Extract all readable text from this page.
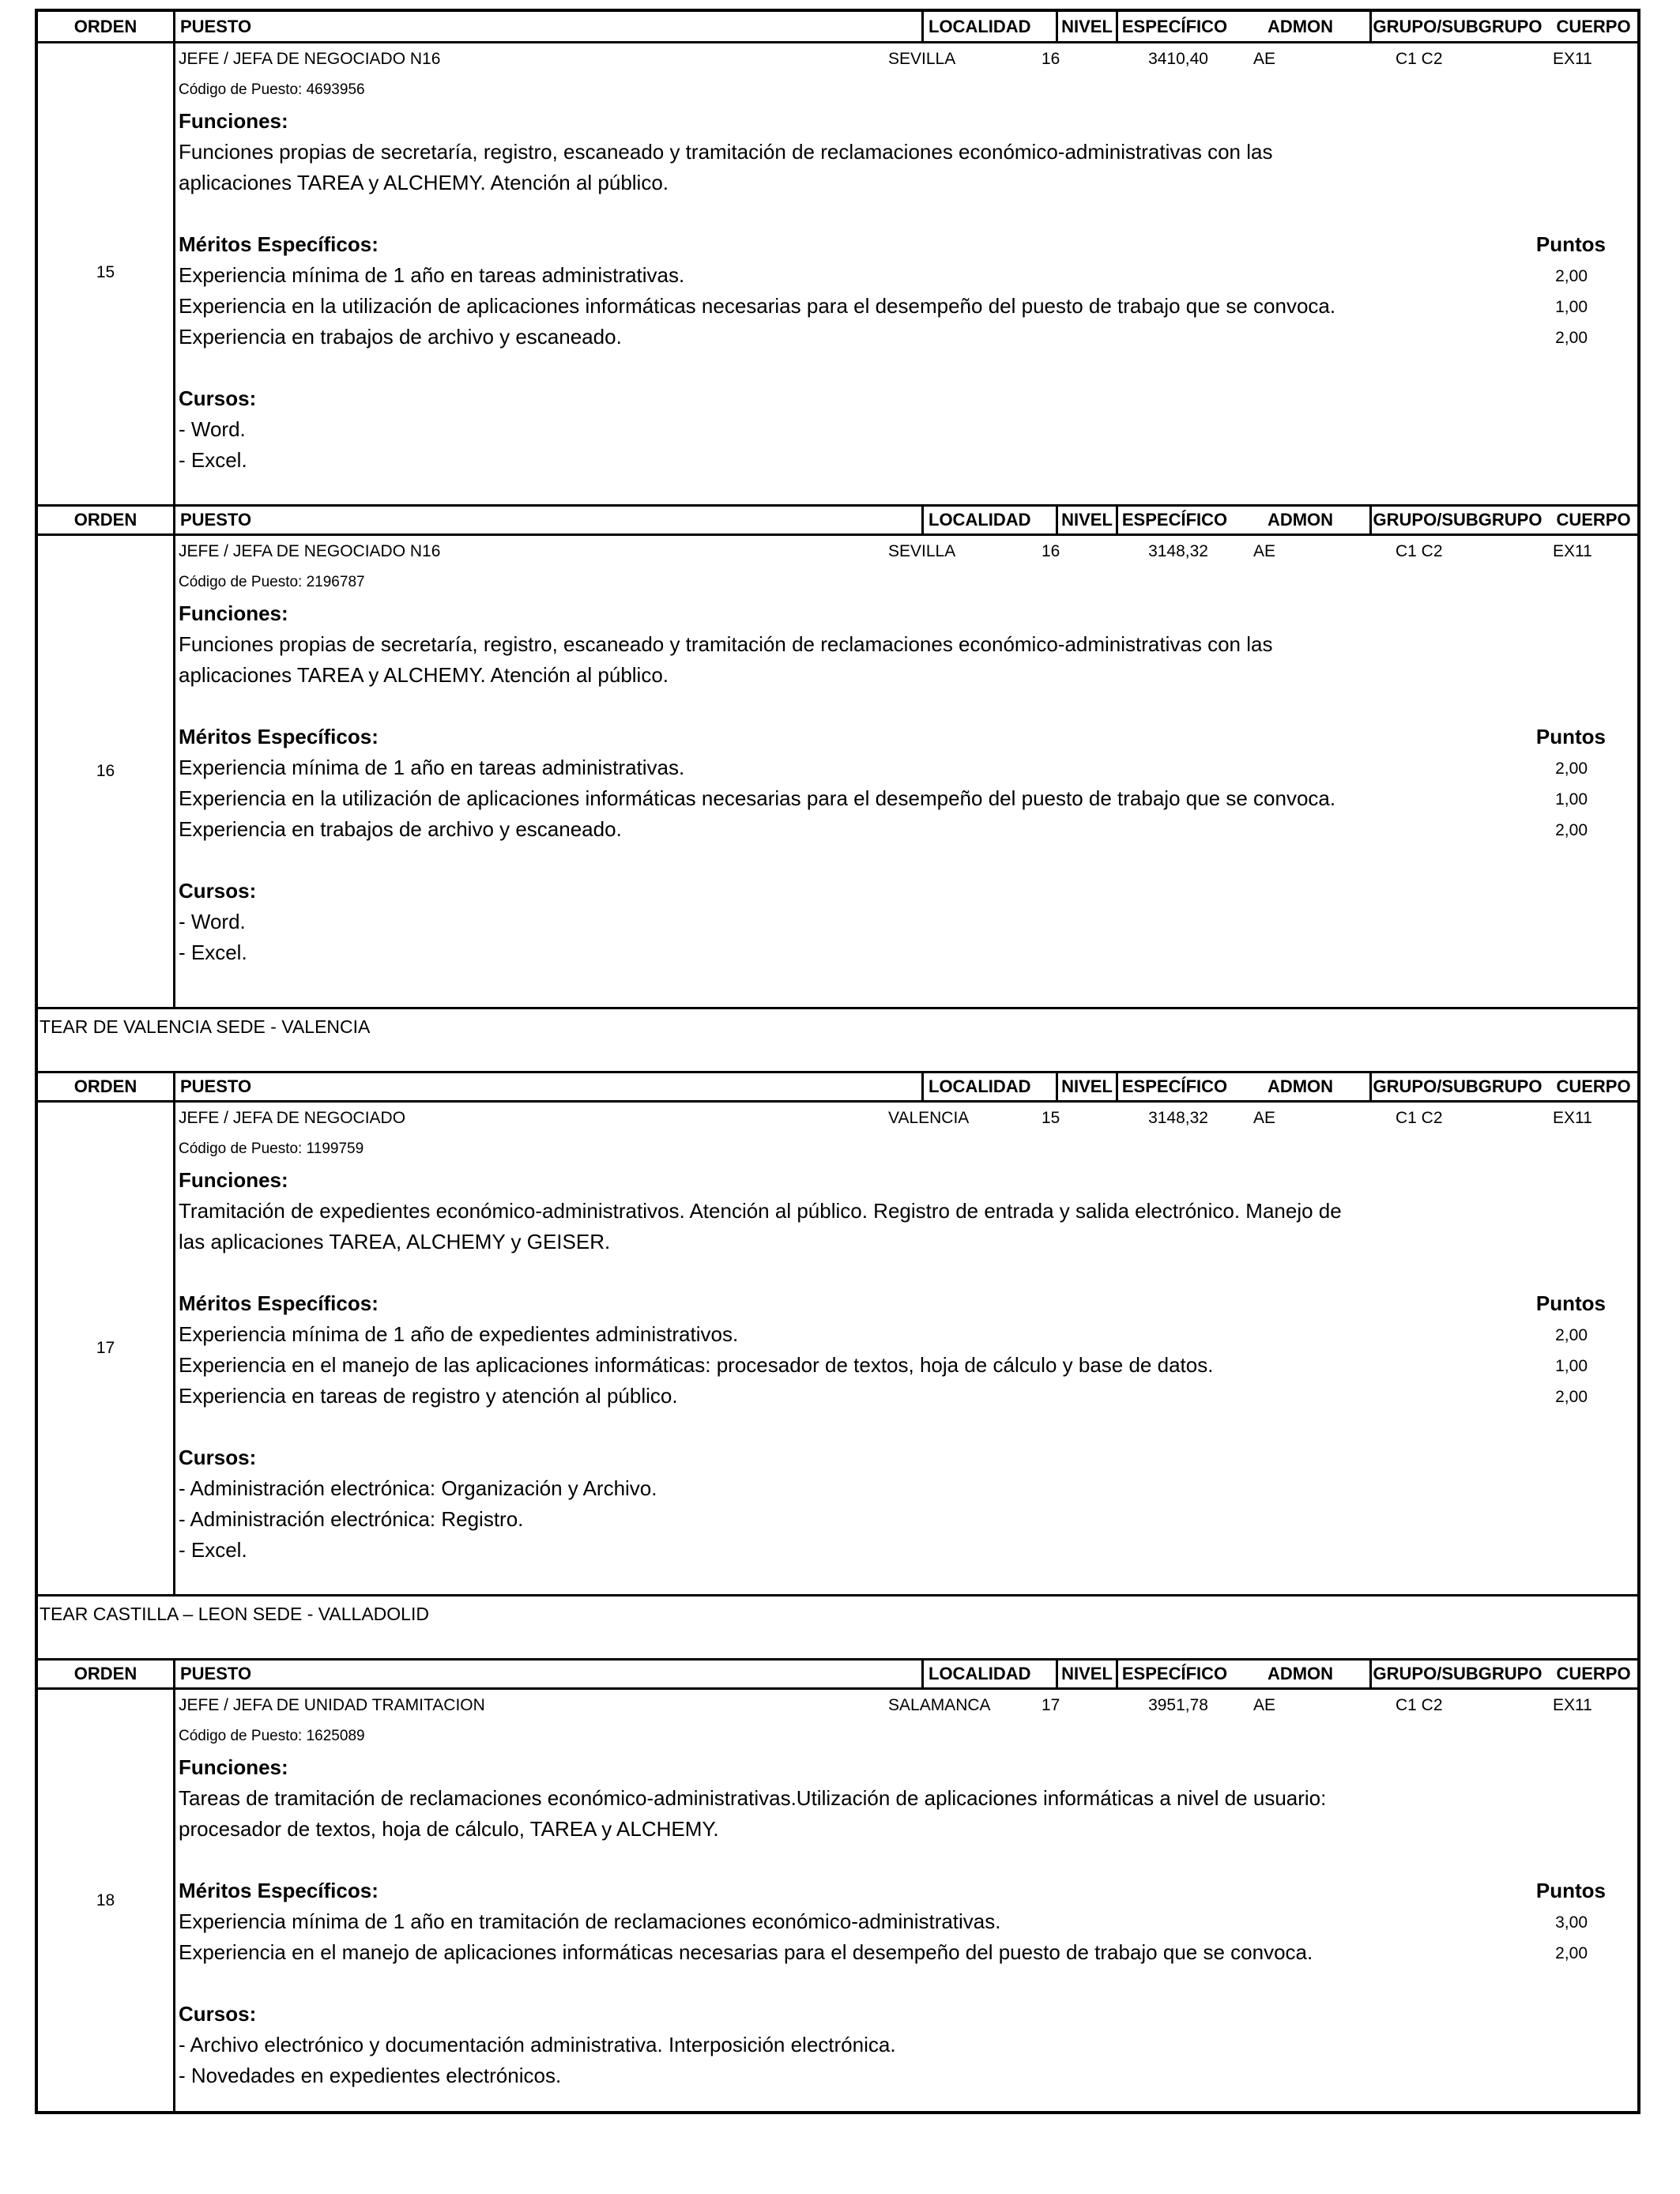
ORDEN	PUESTO	LOCALIDAD	NIVEL ESPECÍFICO	ADMON	GRUPO/SUBGRUPO CUERPO
15
JEFE / JEFA DE NEGOCIADO N16	SEVILLA	16	3410,40	AE	C1 C2	EX11
Código de Puesto: 4693956
Funciones:
Funciones propias de secretaría, registro, escaneado y tramitación de reclamaciones económico-administrativas con las
aplicaciones TAREA y ALCHEMY. Atención al público.
Méritos Específicos:	Puntos
Experiencia mínima de 1 año en tareas administrativas.	2,00
Experiencia en la utilización de aplicaciones informáticas necesarias para el desempeño del puesto de trabajo que se convoca.	1,00
Experiencia en trabajos de archivo y escaneado.	2,00
Cursos:
- Word.
- Excel.
ORDEN	PUESTO	LOCALIDAD	NIVEL ESPECÍFICO	ADMON	GRUPO/SUBGRUPO CUERPO
16
JEFE / JEFA DE NEGOCIADO N16	SEVILLA	16	3148,32	AE	C1 C2	EX11
Código de Puesto: 2196787
Funciones:
Funciones propias de secretaría, registro, escaneado y tramitación de reclamaciones económico-administrativas con las
aplicaciones TAREA y ALCHEMY. Atención al público.
Méritos Específicos:	Puntos
Experiencia mínima de 1 año en tareas administrativas.	2,00
Experiencia en la utilización de aplicaciones informáticas necesarias para el desempeño del puesto de trabajo que se convoca.	1,00
Experiencia en trabajos de archivo y escaneado.	2,00
Cursos:
- Word.
- Excel.
TEAR DE VALENCIA SEDE - VALENCIA
ORDEN	PUESTO	LOCALIDAD	NIVEL ESPECÍFICO	ADMON	GRUPO/SUBGRUPO CUERPO
17
JEFE / JEFA DE NEGOCIADO	VALENCIA	15	3148,32	AE	C1 C2	EX11
Código de Puesto: 1199759
Funciones:
Tramitación de expedientes económico-administrativos. Atención al público. Registro de entrada y salida electrónico. Manejo de
las aplicaciones TAREA, ALCHEMY y GEISER.
Méritos Específicos:	Puntos
Experiencia mínima de 1 año de expedientes administrativos.	2,00
Experiencia en el manejo de las aplicaciones informáticas: procesador de textos, hoja de cálculo y base de datos.	1,00
Experiencia en tareas de registro y atención al público.	2,00
Cursos:
- Administración electrónica: Organización y Archivo.
- Administración electrónica: Registro.
- Excel.
TEAR CASTILLA – LEON SEDE - VALLADOLID
ORDEN	PUESTO	LOCALIDAD	NIVEL ESPECÍFICO	ADMON	GRUPO/SUBGRUPO CUERPO
18
JEFE / JEFA DE UNIDAD TRAMITACION	SALAMANCA	17	3951,78	AE	C1 C2	EX11
Código de Puesto: 1625089
Funciones:
Tareas de tramitación de reclamaciones económico-administrativas.Utilización de aplicaciones informáticas a nivel de usuario:
procesador de textos, hoja de cálculo, TAREA y ALCHEMY.
Méritos Específicos:	Puntos
Experiencia mínima de 1 año en tramitación de reclamaciones económico-administrativas.	3,00
Experiencia en el manejo de aplicaciones informáticas necesarias para el desempeño del puesto de trabajo que se convoca.	2,00
Cursos:
- Archivo electrónico y documentación administrativa. Interposición electrónica.
- Novedades en expedientes electrónicos.
